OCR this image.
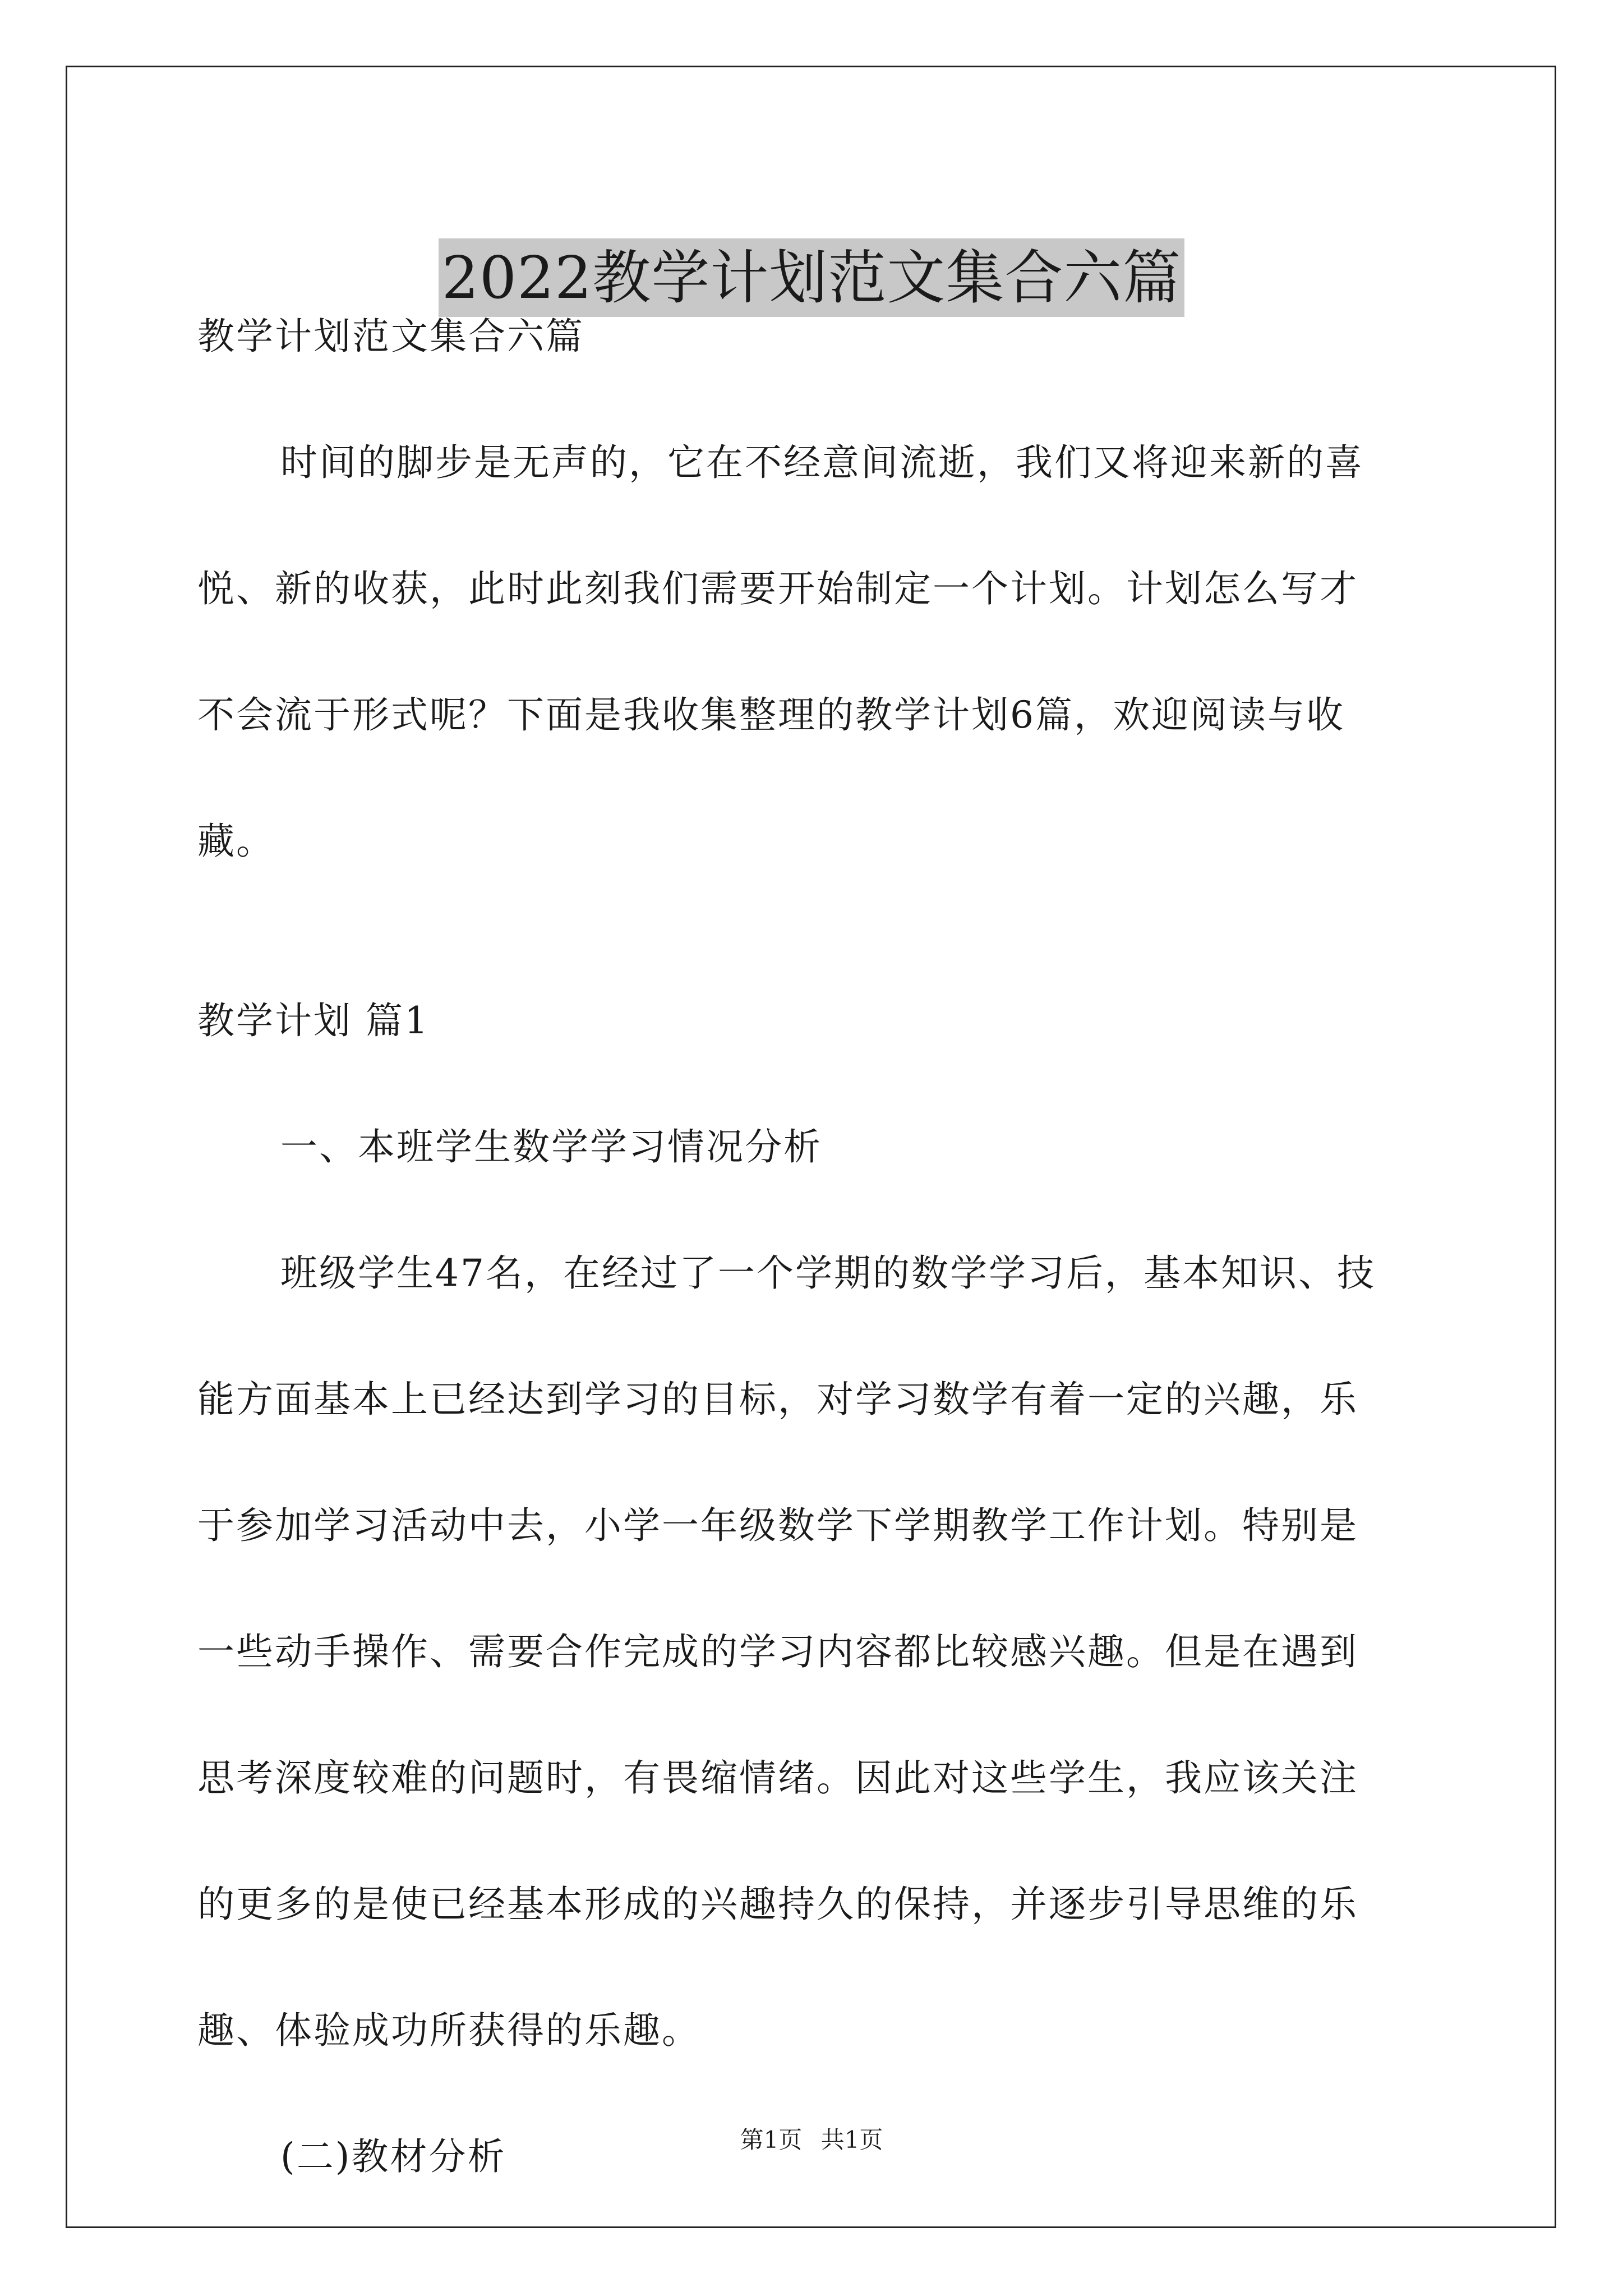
2022教学计划范文集合六篇
教学计划范文集合六篇
时间的脚步是无声的，它在不经意间流逝，我们又将迎来新的喜
悦、新的收获，此时此刻我们需要开始制定一个计划。计划怎么写才
不会流于形式呢？下面是我收集整理的教学计划6篇，欢迎阅读与收
藏。
教学计划 篇1
一、本班学生数学学习情况分析
班级学生47名，在经过了一个学期的数学学习后，基本知识、技
能方面基本上已经达到学习的目标，对学习数学有着一定的兴趣，乐
于参加学习活动中去，小学一年级数学下学期教学工作计划。特别是
一些动手操作、需要合作完成的学习内容都比较感兴趣。但是在遇到
思考深度较难的问题时，有畏缩情绪。因此对这些学生，我应该关注
的更多的是使已经基本形成的兴趣持久的保持，并逐步引导思维的乐
趣、体验成功所获得的乐趣。
(二)教材分析	第1页 共1页
